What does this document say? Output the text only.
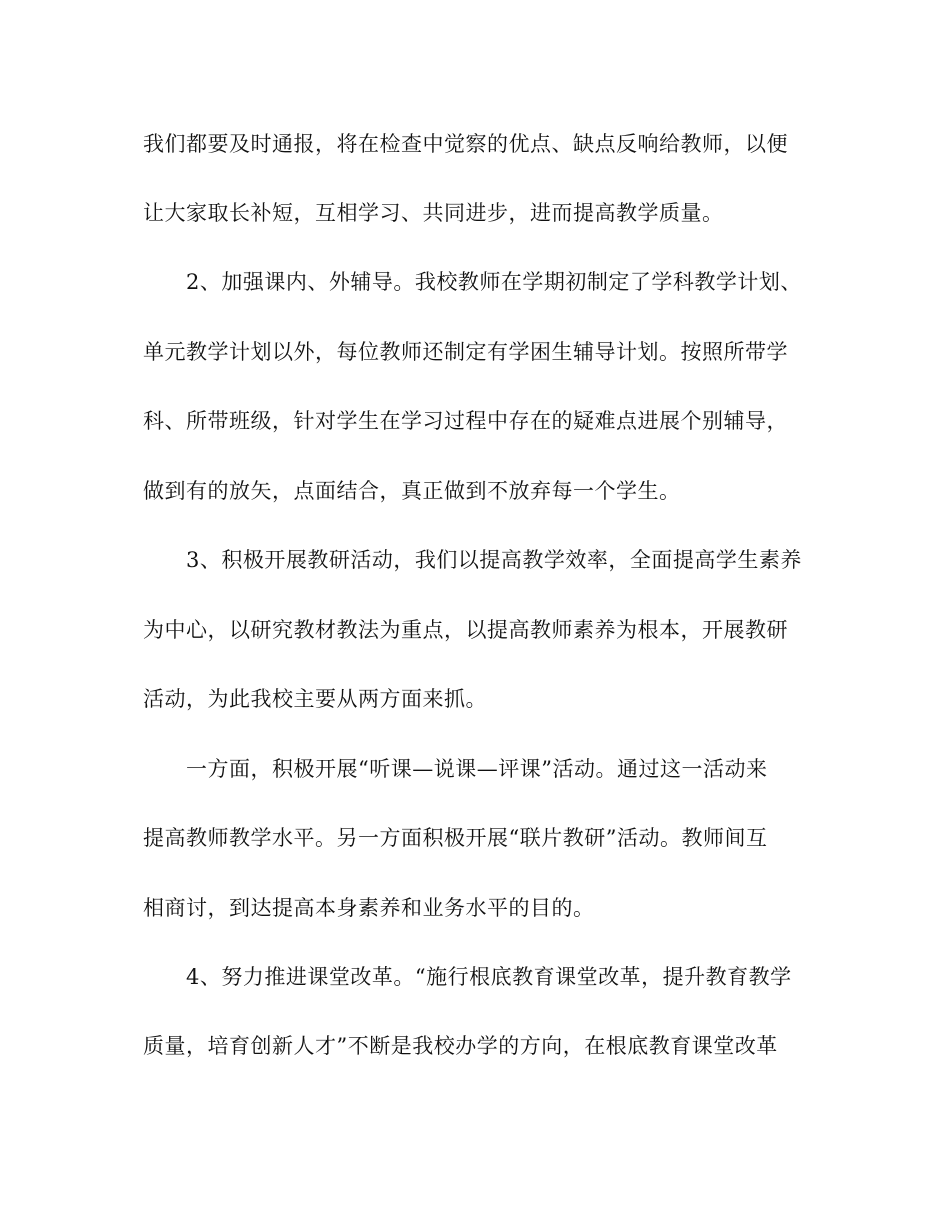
我们都要及时通报，将在检查中觉察的优点、缺点反响给教师，以便
让大家取长补短，互相学习、共同进步，进而提高教学质量。
2、加强课内、外辅导。我校教师在学期初制定了学科教学计划、
单元教学计划以外，每位教师还制定有学困生辅导计划。按照所带学
科、所带班级，针对学生在学习过程中存在的疑难点进展个别辅导，
做到有的放矢，点面结合，真正做到不放弃每一个学生。
3、积极开展教研活动，我们以提高教学效率，全面提高学生素养
为中心，以研究教材教法为重点，以提高教师素养为根本，开展教研
活动，为此我校主要从两方面来抓。
一方面，积极开展“听课—说课—评课”活动。通过这一活动来
提高教师教学水平。另一方面积极开展“联片教研”活动。教师间互
相商讨，到达提高本身素养和业务水平的目的。
4、努力推进课堂改革。“施行根底教育课堂改革，提升教育教学
质量，培育创新人才”不断是我校办学的方向，在根底教育课堂改革
